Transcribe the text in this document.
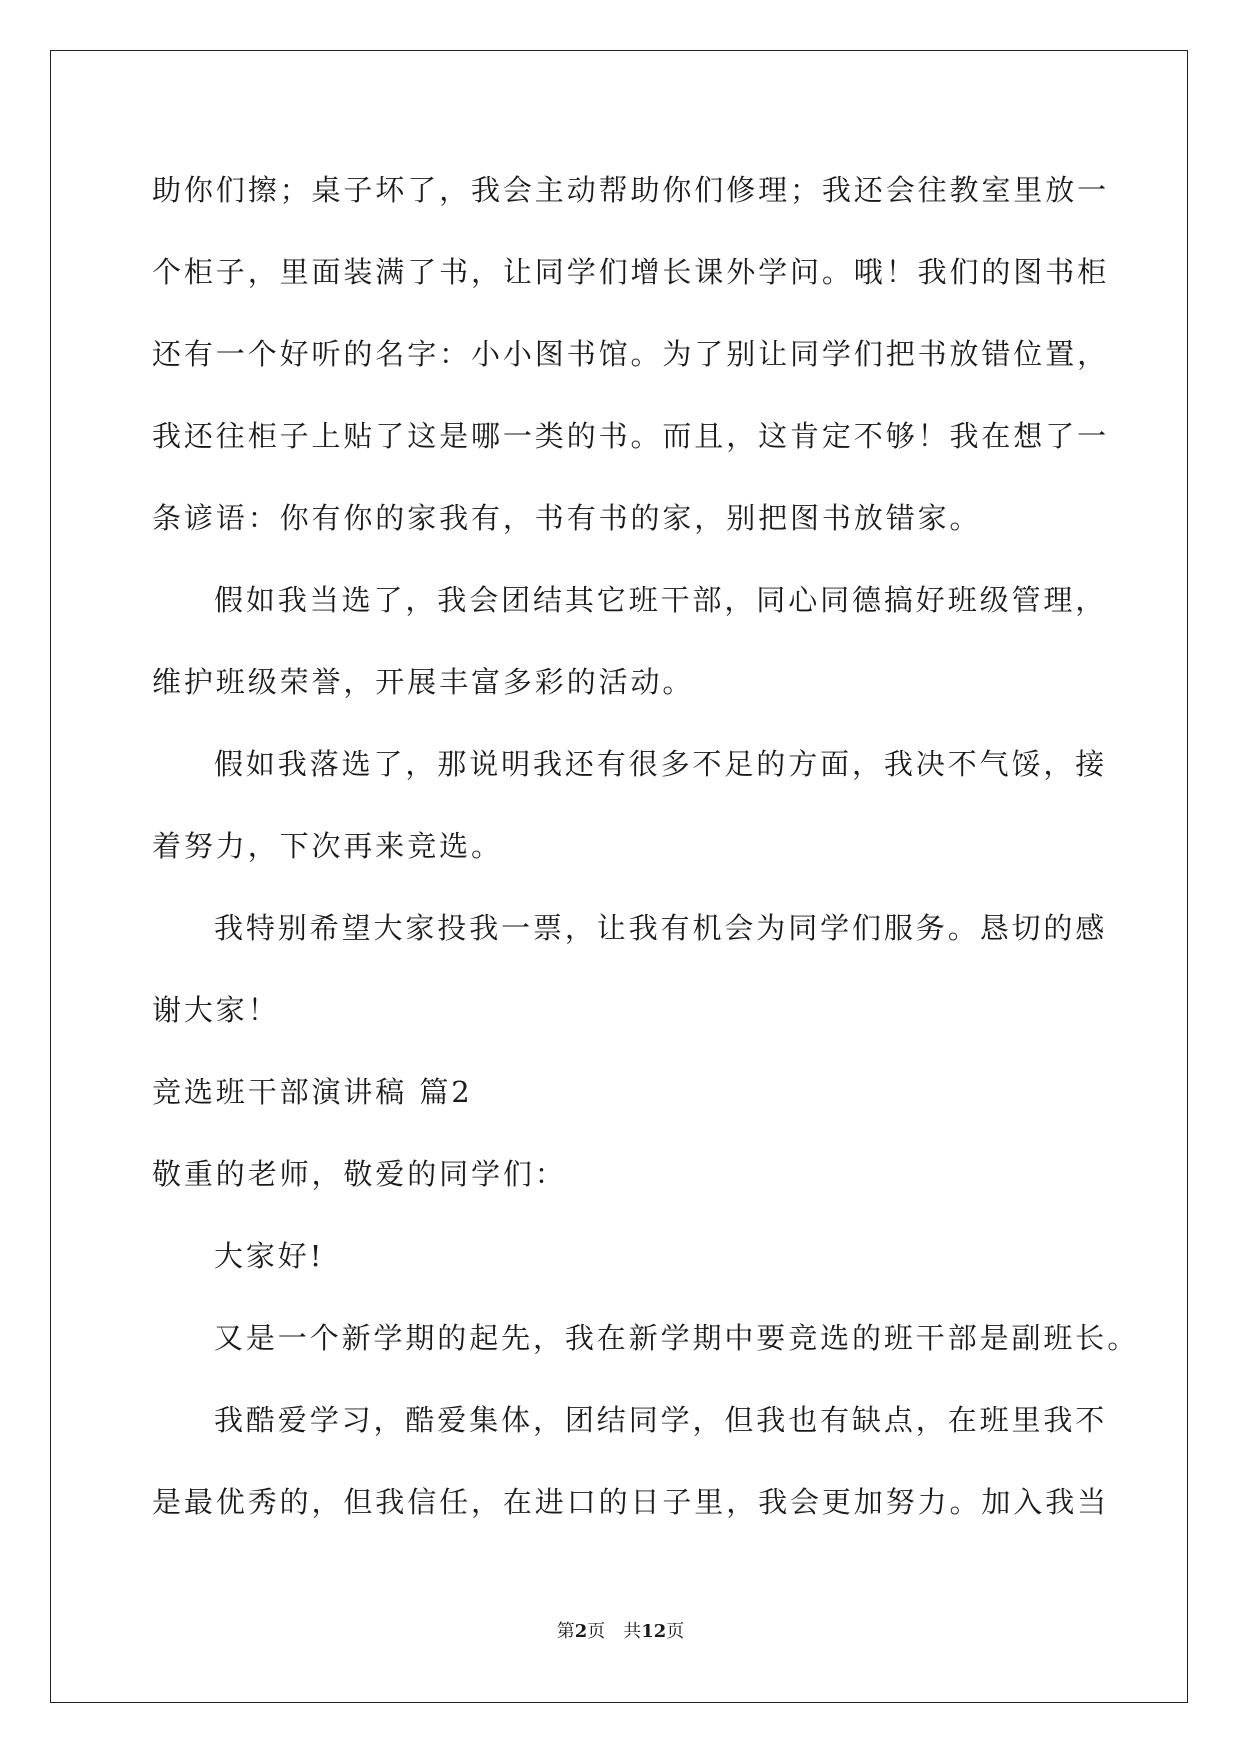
助你们擦；桌子坏了，我会主动帮助你们修理；我还会往教室里放一
个柜子，里面装满了书，让同学们增长课外学问。哦！我们的图书柜
还有一个好听的名字：小小图书馆。为了别让同学们把书放错位置，
我还往柜子上贴了这是哪一类的书。而且，这肯定不够！我在想了一
条谚语：你有你的家我有，书有书的家，别把图书放错家。
假如我当选了，我会团结其它班干部，同心同德搞好班级管理，
维护班级荣誉，开展丰富多彩的活动。
假如我落选了，那说明我还有很多不足的方面，我决不气馁，接
着努力，下次再来竞选。
我特别希望大家投我一票，让我有机会为同学们服务。恳切的感
谢大家！
竞选班干部演讲稿 篇2
敬重的老师，敬爱的同学们：
大家好!
又是一个新学期的起先，我在新学期中要竞选的班干部是副班长。
我酷爱学习，酷爱集体，团结同学，但我也有缺点，在班里我不
是最优秀的，但我信任，在进口的日子里，我会更加努力。加入我当
第2页 共12页
